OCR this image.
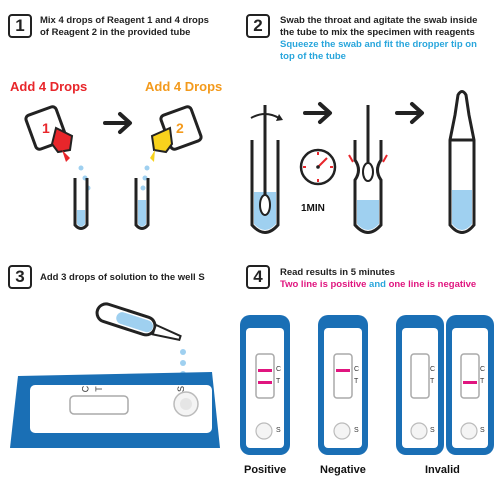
1	Mix 4 drops of Reagent 1 and 4 drops
of Reagent 2 in the provided tube
Add 4 Drops	Add 4 Drops
1	2
2	Swab the throat and agitate the swab inside
the tube to mix the specimen with reagents
Squeeze the swab and fit the dropper tip on
top of the tube
1MIN
3	Add 3 drops of solution to the well S
C T	S
4	Read results in 5 minutes
Two line is positive and one line is negative
C
T
S
C
T
S
C
T
S
C
T
S
Positive	Negative	Invalid
